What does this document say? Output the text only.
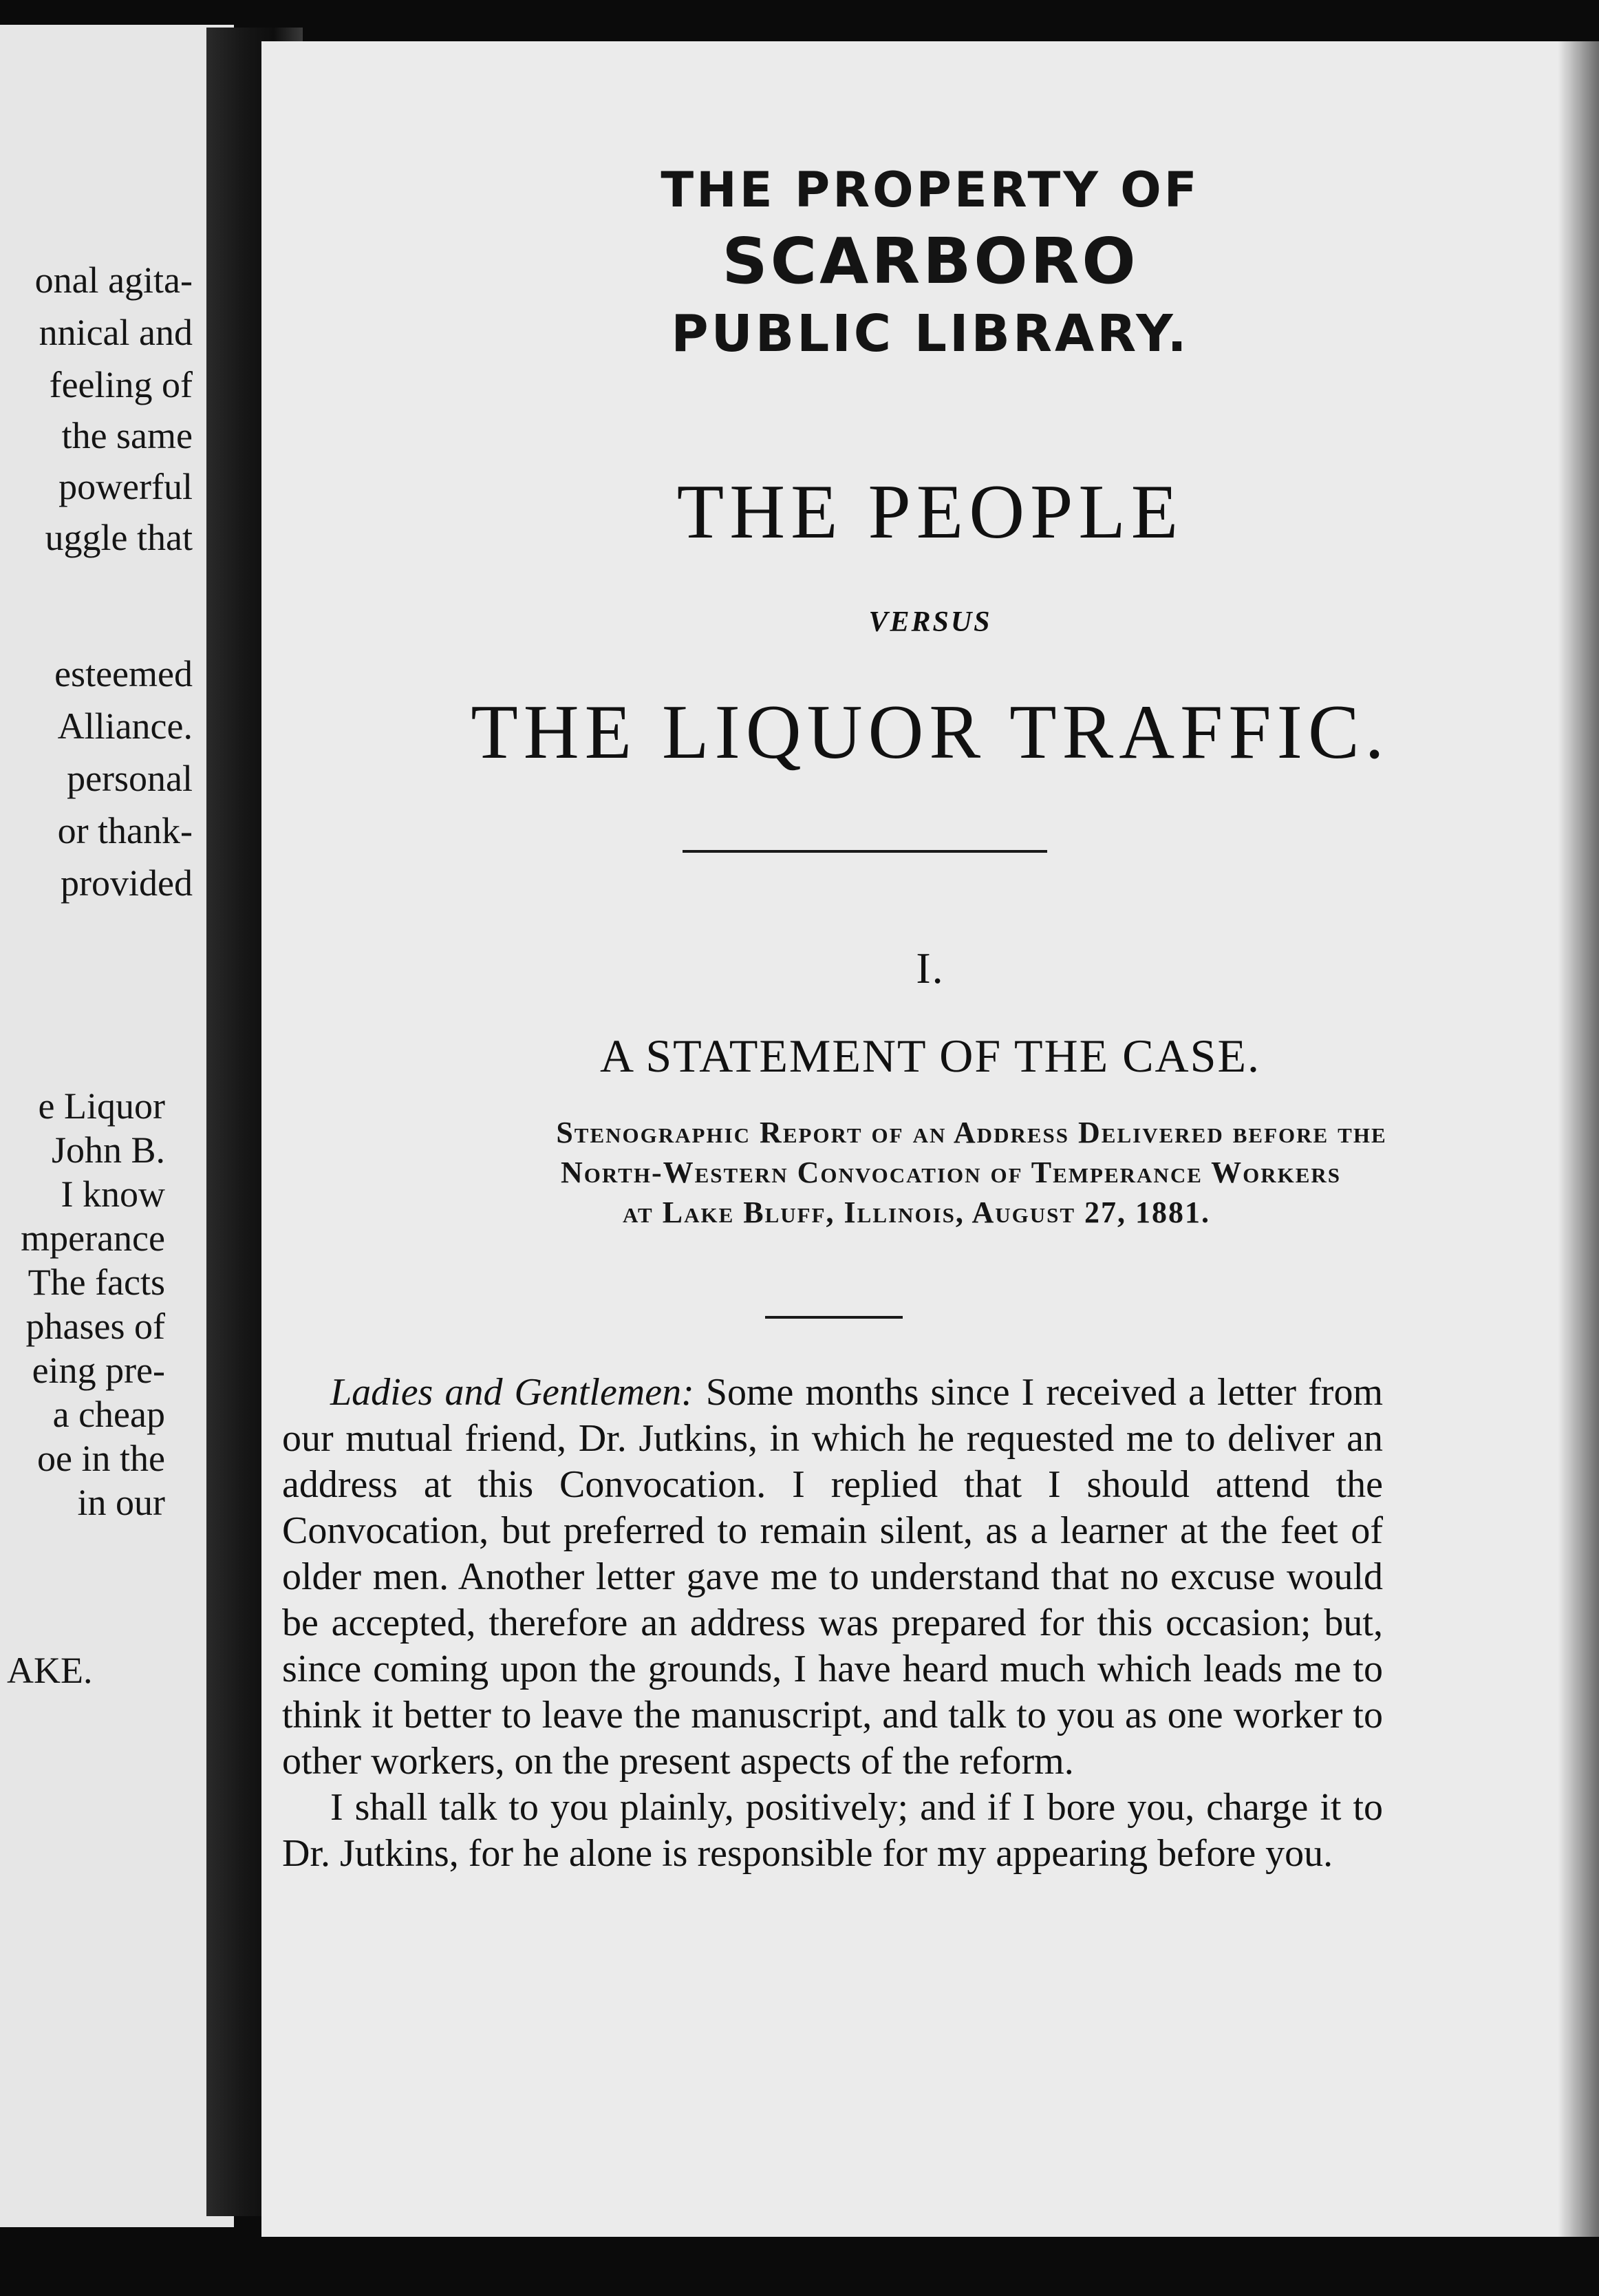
onal agita-
nnical and
feeling of
the same
powerful
uggle that
esteemed
Alliance.
personal
or thank-
provided
e Liquor
John B.
I know
mperance
The facts
phases of
eing pre-
a cheap
oe in the
in our
AKE.
THE PROPERTY OF
SCARBORO
PUBLIC LIBRARY.
THE PEOPLE
VERSUS
THE LIQUOR TRAFFIC.
I.
A STATEMENT OF THE CASE.
Stenographic Report of an Address Delivered before the
North-Western Convocation of Temperance Workers
at Lake Bluff, Illinois, August 27, 1881.

Ladies and Gentlemen: Some months since I received a letter from our mutual friend, Dr. Jutkins, in which he requested me to deliver an address at this Convocation. I replied that I should attend the Convocation, but preferred to remain silent, as a learner at the feet of older men. Another letter gave me to understand that no excuse would be accepted, therefore an address was prepared for this occasion; but, since coming upon the grounds, I have heard much which leads me to think it better to leave the manuscript, and talk to you as one worker to other workers, on the present aspects of the reform.

I shall talk to you plainly, positively; and if I bore you, charge it to Dr. Jutkins, for he alone is responsible for my appearing before you.
